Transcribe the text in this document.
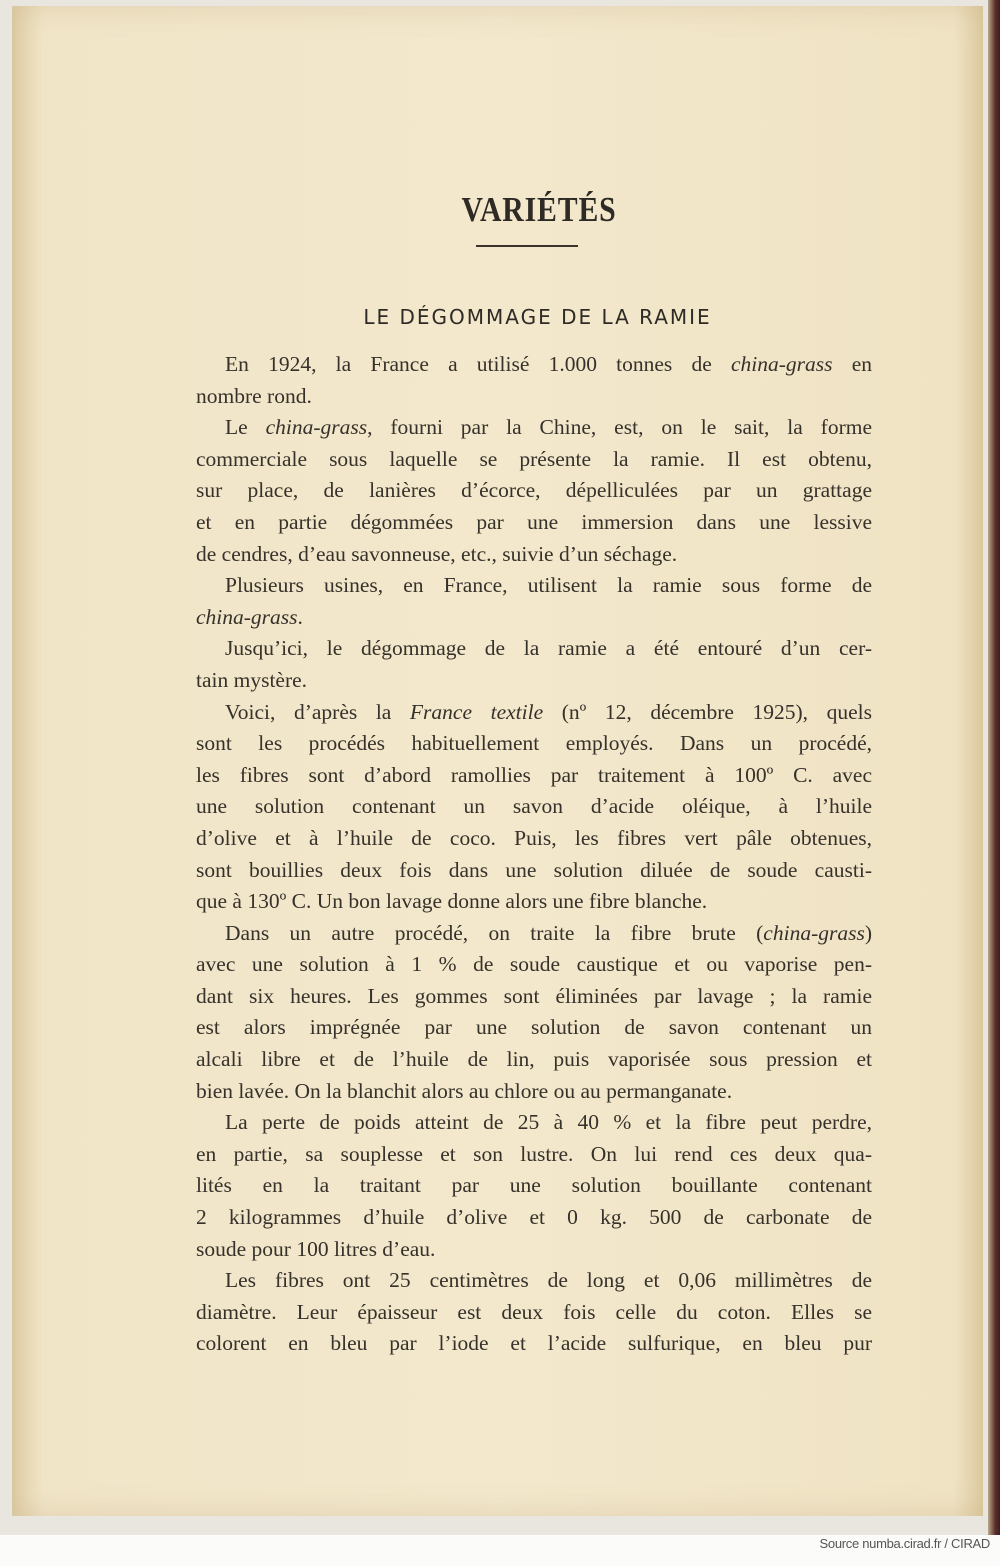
VARIÉTÉS
LE DÉGOMMAGE DE LA RAMIE
En 1924, la France a utilisé 1.000 tonnes de china-grass en
nombre rond.
Le china-grass, fourni par la Chine, est, on le sait, la forme
commerciale sous laquelle se présente la ramie. Il est obtenu,
sur place, de lanières d’écorce, dépelliculées par un grattage
et en partie dégommées par une immersion dans une lessive
de cendres, d’eau savonneuse, etc., suivie d’un séchage.
Plusieurs usines, en France, utilisent la ramie sous forme de
china-grass.
Jusqu’ici, le dégommage de la ramie a été entouré d’un cer-
tain mystère.
Voici, d’après la France textile (nº 12, décembre 1925), quels
sont les procédés habituellement employés. Dans un procédé,
les fibres sont d’abord ramollies par traitement à 100º C. avec
une solution contenant un savon d’acide oléique, à l’huile
d’olive et à l’huile de coco. Puis, les fibres vert pâle obtenues,
sont bouillies deux fois dans une solution diluée de soude causti-
que à 130º C. Un bon lavage donne alors une fibre blanche.
Dans un autre procédé, on traite la fibre brute (china-grass)
avec une solution à 1 % de soude caustique et ou vaporise pen-
dant six heures. Les gommes sont éliminées par lavage ; la ramie
est alors imprégnée par une solution de savon contenant un
alcali libre et de l’huile de lin, puis vaporisée sous pression et
bien lavée. On la blanchit alors au chlore ou au permanganate.
La perte de poids atteint de 25 à 40 % et la fibre peut perdre,
en partie, sa souplesse et son lustre. On lui rend ces deux qua-
lités en la traitant par une solution bouillante contenant
2 kilogrammes d’huile d’olive et 0 kg. 500 de carbonate de
soude pour 100 litres d’eau.
Les fibres ont 25 centimètres de long et 0,06 millimètres de
diamètre. Leur épaisseur est deux fois celle du coton. Elles se
colorent en bleu par l’iode et l’acide sulfurique, en bleu pur
Source numba.cirad.fr / CIRAD
